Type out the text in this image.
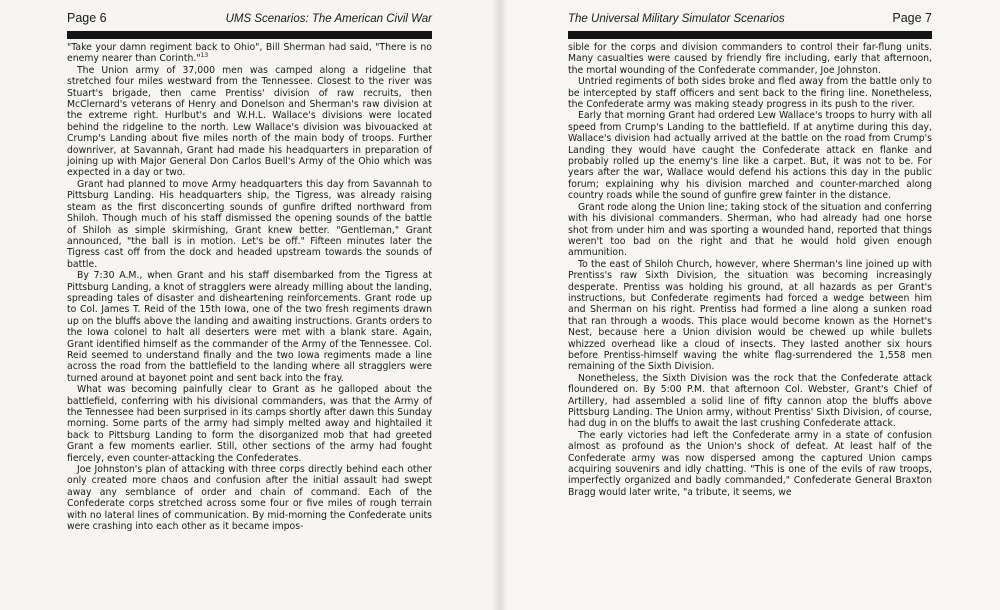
Page 6	UMS Scenarios: The American Civil War

"Take your damn regiment back to Ohio", Bill Sherman had said, "There is no enemy nearer than Corinth."$^{13}$

The Union army of 37,000 men was camped along a ridgeline that stretched four miles westward from the Tennessee. Closest to the river was Stuart's brigade, then came Prentiss' division of raw recruits, then McClernard's veterans of Henry and Donelson and Sherman's raw division at the extreme right. Hurlbut's and W.H.L. Wallace's divisions were located behind the ridgeline to the north. Lew Wallace's division was bivouacked at Crump's Landing about five miles north of the main body of troops. Further downriver, at Savannah, Grant had made his headquarters in preparation of joining up with Major General Don Carlos Buell's Army of the Ohio which was expected in a day or two.

Grant had planned to move Army headquarters this day from Savannah to Pittsburg Landing. His headquarters ship, the Tigress, was already raising steam as the first disconcerting sounds of gunfire drifted northward from Shiloh. Though much of his staff dismissed the opening sounds of the battle of Shiloh as simple skirmishing, Grant knew better. "Gentleman," Grant announced, "the ball is in motion. Let's be off." Fifteen minutes later the Tigress cast off from the dock and headed upstream towards the sounds of battle.

By 7:30 A.M., when Grant and his staff disembarked from the Tigress at Pittsburg Landing, a knot of stragglers were already milling about the landing, spreading tales of disaster and disheartening reinforcements. Grant rode up to Col. James T. Reid of the 15th Iowa, one of the two fresh regiments drawn up on the bluffs above the landing and awaiting instructions. Grants orders to the Iowa colonel to halt all deserters were met with a blank stare. Again, Grant identified himself as the commander of the Army of the Tennessee. Col. Reid seemed to understand finally and the two Iowa regiments made a line across the road from the battlefield to the landing where all stragglers were turned around at bayonet point and sent back into the fray.

What was becoming painfully clear to Grant as he galloped about the battlefield, conferring with his divisional commanders, was that the Army of the Tennessee had been surprised in its camps shortly after dawn this Sunday morning. Some parts of the army had simply melted away and hightailed it back to Pittsburg Landing to form the disorganized mob that had greeted Grant a few moments earlier. Still, other sections of the army had fought fiercely, even counter-attacking the Confederates.

Joe Johnston's plan of attacking with three corps directly behind each other only created more chaos and confusion after the initial assault had swept away any semblance of order and chain of command. Each of the Confederate corps stretched across some four or five miles of rough terrain with no lateral lines of communication. By mid-morning the Confederate units were crashing into each other as it became impos-

The Universal Military Simulator Scenarios	Page 7

sible for the corps and division commanders to control their far-flung units. Many casualties were caused by friendly fire including, early that afternoon, the mortal wounding of the Confederate commander, Joe Johnston.

Untried regiments of both sides broke and fled away from the battle only to be intercepted by staff officers and sent back to the firing line. Nonetheless, the Confederate army was making steady progress in its push to the river.

Early that morning Grant had ordered Lew Wallace's troops to hurry with all speed from Crump's Landing to the battlefield. If at anytime during this day, Wallace's division had actually arrived at the battle on the road from Crump's Landing they would have caught the Confederate attack en flanke and probably rolled up the enemy's line like a carpet. But, it was not to be. For years after the war, Wallace would defend his actions this day in the public forum; explaining why his division marched and counter-marched along country roads while the sound of gunfire grew fainter in the distance.

Grant rode along the Union line; taking stock of the situation and conferring with his divisional commanders. Sherman, who had already had one horse shot from under him and was sporting a wounded hand, reported that things weren't too bad on the right and that he would hold given enough ammunition.

To the east of Shiloh Church, however, where Sherman's line joined up with Prentiss's raw Sixth Division, the situation was becoming increasingly desperate. Prentiss was holding his ground, at all hazards as per Grant's instructions, but Confederate regiments had forced a wedge between him and Sherman on his right. Prentiss had formed a line along a sunken road that ran through a woods. This place would become known as the Hornet's Nest, because here a Union division would be chewed up while bullets whizzed overhead like a cloud of insects. They lasted another six hours before Prentiss-himself waving the white flag-surrendered the 1,558 men remaining of the Sixth Division.

Nonetheless, the Sixth Division was the rock that the Confederate attack floundered on. By 5:00 P.M. that afternoon Col. Webster, Grant's Chief of Artillery, had assembled a solid line of fifty cannon atop the bluffs above Pittsburg Landing. The Union army, without Prentiss' Sixth Division, of course, had dug in on the bluffs to await the last crushing Confederate attack.

The early victories had left the Confederate army in a state of confusion almost as profound as the Union's shock of defeat. At least half of the Confederate army was now dispersed among the captured Union camps acquiring souvenirs and idly chatting. "This is one of the evils of raw troops, imperfectly organized and badly commanded," Confederate General Braxton Bragg would later write, "a tribute, it seems, we
